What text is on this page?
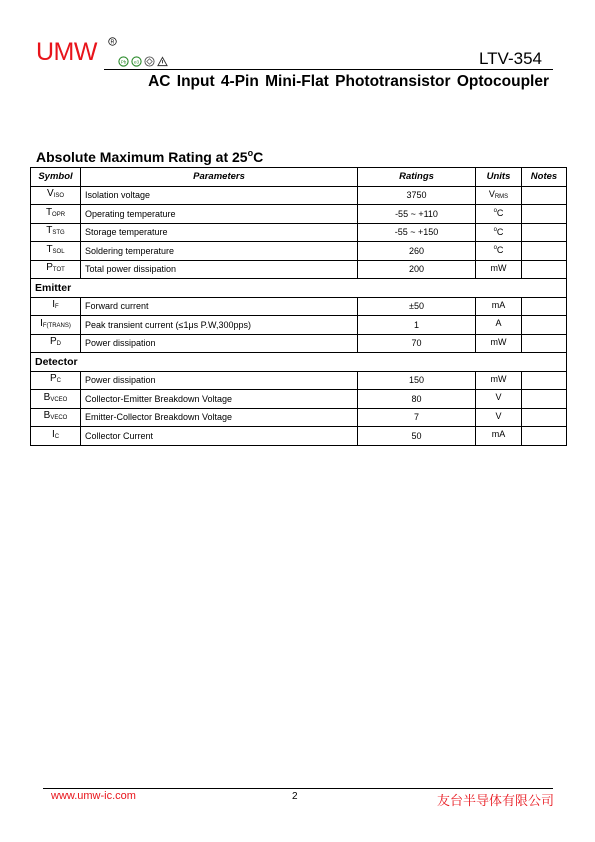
UMW R
Pb e3	LTV-354
AC Input 4-Pin Mini-Flat Phototransistor Optocoupler
Absolute Maximum Rating at 25$^o$C
Symbol	Parameters	Ratings	Units	Notes
VISO	Isolation voltage	3750	VRMS	
TOPR	Operating temperature	-55 ~ +110	$^o$C	
TSTG	Storage temperature	-55 ~ +150	$^o$C	
TSOL	Soldering temperature	260	$^o$C	
PTOT	Total power dissipation	200	mW	
Emitter				
IF	Forward current	±50	mA	
IF(TRANS)	Peak transient current (≤1μs P.W,300pps)	1	A	
PD	Power dissipation	70	mW	
Detector				
PC	Power dissipation	150	mW	
BVCEO	Collector-Emitter Breakdown Voltage	80	V	
BVECO	Emitter-Collector Breakdown Voltage	7	V	
IC	Collector Current	50	mA	
www.umw-ic.com	2	友台半导体有限公司
